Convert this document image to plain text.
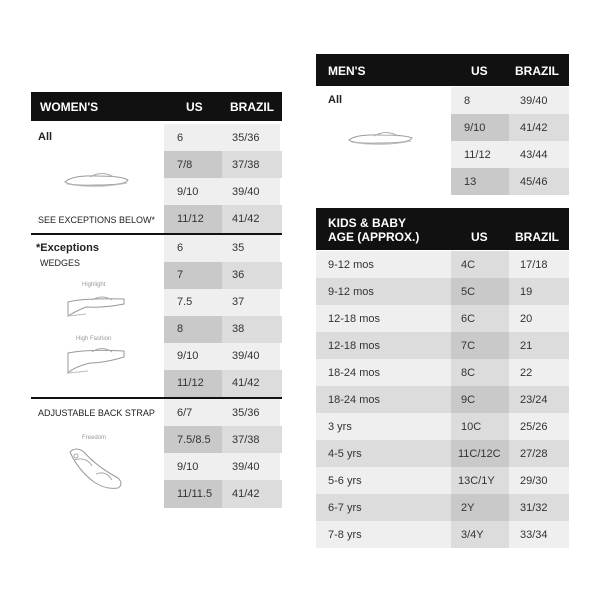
WOMEN'S	US BRAZIL
All
SEE EXCEPTIONS BELOW*
6	35/36
7/8	37/38
9/10	39/40
11/12	41/42
*Exceptions
WEDGES
Highlight
High Fashion
6	35
7	36
7.5	37
8	38
9/10	39/40
11/12	41/42
ADJUSTABLE BACK STRAP
Freedom
6/7	35/36
7.5/8.5 37/38
9/10	39/40
11/11.5 41/42
MEN'S	US BRAZIL
All	8	39/40
9/10	41/42
11/12	43/44
13	45/46
KIDS & BABY
AGE (APPROX.)	US BRAZIL
9-12 mos	4C	17/18
9-12 mos	5C	19
12-18 mos	6C	20
12-18 mos	7C	21
18-24 mos	8C	22
18-24 mos	9C	23/24
3 yrs	10C	25/26
4-5 yrs	11C/12C 27/28
5-6 yrs	13C/1Y 29/30
6-7 yrs	2Y	31/32
7-8 yrs	3/4Y	33/34
